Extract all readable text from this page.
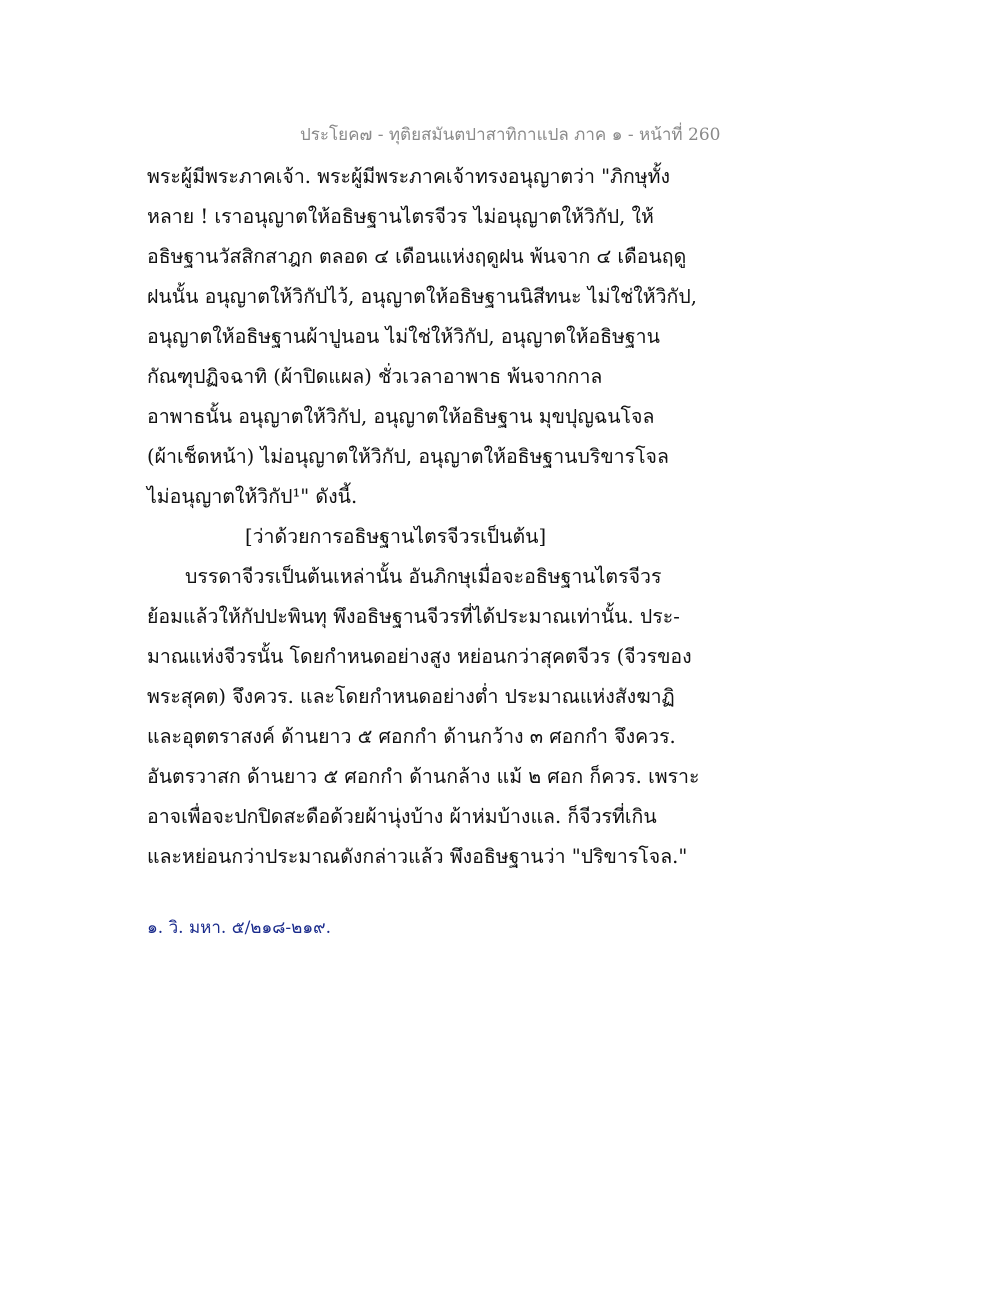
ประโยค๗ - ทุติยสมันตปาสาทิกาแปล ภาค ๑ - หน้าที่ 260
พระผู้มีพระภาคเจ้า. พระผู้มีพระภาคเจ้าทรงอนุญาตว่า "ภิกษุทั้ง
หลาย ! เราอนุญาตให้อธิษฐานไตรจีวร ไม่อนุญาตให้วิกัป, ให้
อธิษฐานวัสสิกสาฎก ตลอด ๔ เดือนแห่งฤดูฝน พ้นจาก ๔ เดือนฤดู
ฝนนั้น อนุญาตให้วิกัปไว้, อนุญาตให้อธิษฐานนิสีทนะ ไม่ใช่ให้วิกัป,
อนุญาตให้อธิษฐานผ้าปูนอน ไม่ใช่ให้วิกัป, อนุญาตให้อธิษฐาน
กัณฑุปฏิจฉาทิ (ผ้าปิดแผล) ชั่วเวลาอาพาธ พ้นจากกาล
อาพาธนั้น อนุญาตให้วิกัป, อนุญาตให้อธิษฐาน มุขปุญฉนโจล
(ผ้าเช็ดหน้า) ไม่อนุญาตให้วิกัป, อนุญาตให้อธิษฐานบริขารโจล
ไม่อนุญาตให้วิกัป¹" ดังนี้.
[ว่าด้วยการอธิษฐานไตรจีวรเป็นต้น]
บรรดาจีวรเป็นต้นเหล่านั้น อันภิกษุเมื่อจะอธิษฐานไตรจีวร
ย้อมแล้วให้กัปปะพินทุ พึงอธิษฐานจีวรที่ได้ประมาณเท่านั้น. ประ-
มาณแห่งจีวรนั้น โดยกำหนดอย่างสูง หย่อนกว่าสุคตจีวร (จีวรของ
พระสุคต) จึงควร. และโดยกำหนดอย่างต่ำ ประมาณแห่งสังฆาฏิ
และอุตตราสงค์ ด้านยาว ๕ ศอกกำ ด้านกว้าง ๓ ศอกกำ จึงควร.
อันตรวาสก ด้านยาว ๕ ศอกกำ ด้านกล้าง แม้ ๒ ศอก ก็ควร. เพราะ
อาจเพื่อจะปกปิดสะดือด้วยผ้านุ่งบ้าง ผ้าห่มบ้างแล. ก็จีวรที่เกิน
และหย่อนกว่าประมาณดังกล่าวแล้ว พึงอธิษฐานว่า "ปริขารโจล."
๑. วิ. มหา. ๕/๒๑๘-๒๑๙.
